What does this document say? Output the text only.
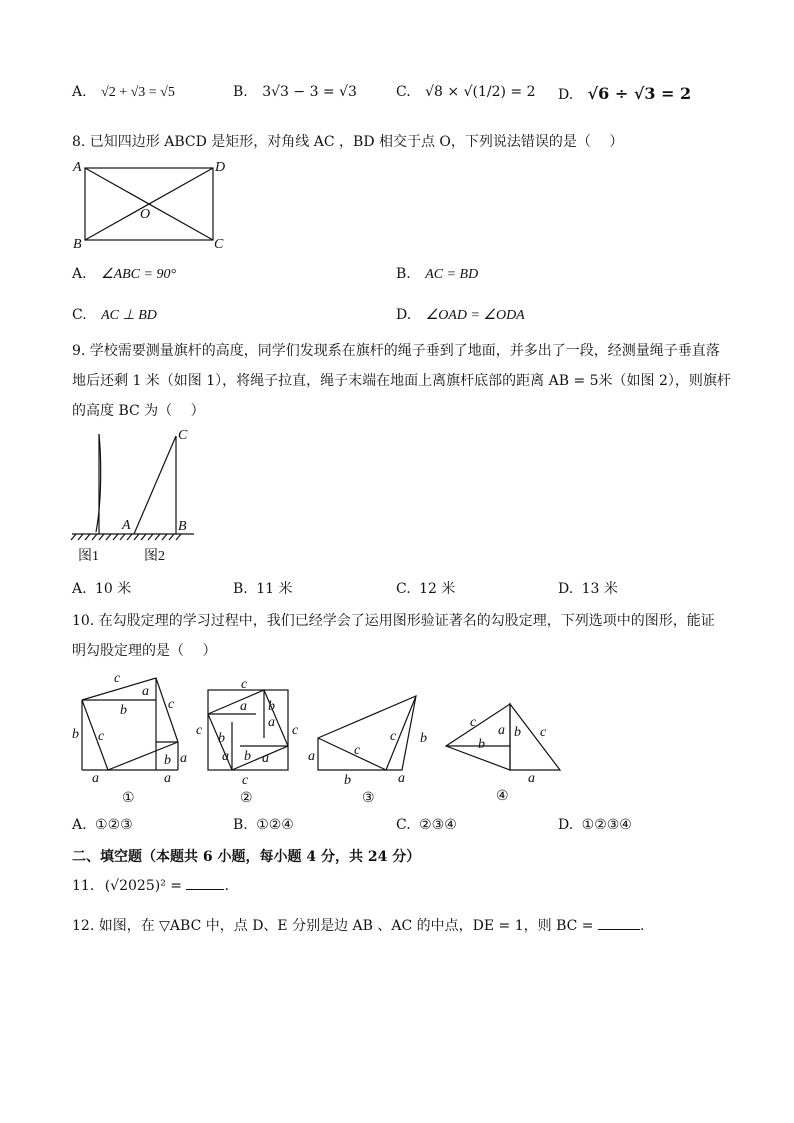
A. √2 + √3 = √5	B. 3√3 − 3 = √3	C. √8 × √(1/2) = 2 D. √6 ÷ √3 = 2
8. 已知四边形 ABCD 是矩形，对角线 AC ，BD 相交于点 O，下列说法错误的是（　 ）
A	D
B	C
O
A. ∠ABC = 90°	B. AC = BD
C. AC ⊥ BD	D. ∠OAD = ∠ODA
9. 学校需要测量旗杆的高度，同学们发现系在旗杆的绳子垂到了地面，并多出了一段，经测量绳子垂直落
地后还剩 1 米（如图 1），将绳子拉直，绳子末端在地面上离旗杆底部的距离 AB = 5米（如图 2），则旗杆
的高度 BC 为（　 ）
C
A	B
图1	图2
A. 10 米	B. 11 米	C. 12 米	D. 13 米
10. 在勾股定理的学习过程中，我们已经学会了运用图形验证著名的勾股定理，下列选项中的图形，能证
明勾股定理的是（　 ）
c
a
c
b
b c
b a
a	a
①
c
c	c
c
a b
b
a
a b a
②
a	c
c b
b	a
③
c
a b c
b
a
④
A. ①②③	B. ①②④	C. ②③④	D. ①②③④
二、填空题（本题共 6 小题，每小题 4 分，共 24 分）
11. (√2025)² =	.
12. 如图，在 ▽ABC 中，点 D、E 分别是边 AB 、AC 的中点，DE = 1，则 BC =	.
